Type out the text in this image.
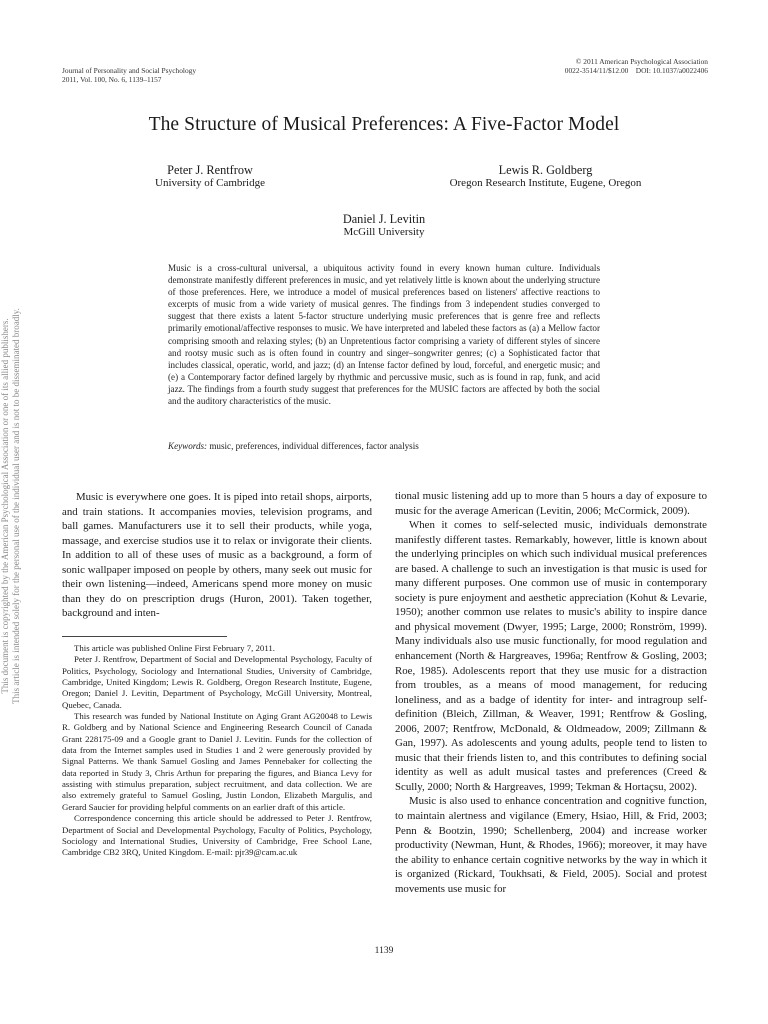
This document is copyrighted by the American Psychological Association or one of its allied publishers. This article is intended solely for the personal use of the individual user and is not to be disseminated broadly.
Journal of Personality and Social Psychology
2011, Vol. 100, No. 6, 1139–1157
© 2011 American Psychological Association
0022-3514/11/$12.00    DOI: 10.1037/a0022406
The Structure of Musical Preferences: A Five-Factor Model
Peter J. Rentfrow
University of Cambridge
Lewis R. Goldberg
Oregon Research Institute, Eugene, Oregon
Daniel J. Levitin
McGill University
Music is a cross-cultural universal, a ubiquitous activity found in every known human culture. Individuals demonstrate manifestly different preferences in music, and yet relatively little is known about the underlying structure of those preferences. Here, we introduce a model of musical preferences based on listeners' affective reactions to excerpts of music from a wide variety of musical genres. The findings from 3 independent studies converged to suggest that there exists a latent 5-factor structure underlying music preferences that is genre free and reflects primarily emotional/affective responses to music. We have interpreted and labeled these factors as (a) a Mellow factor comprising smooth and relaxing styles; (b) an Unpretentious factor comprising a variety of different styles of sincere and rootsy music such as is often found in country and singer–songwriter genres; (c) a Sophisticated factor that includes classical, operatic, world, and jazz; (d) an Intense factor defined by loud, forceful, and energetic music; and (e) a Contemporary factor defined largely by rhythmic and percussive music, such as is found in rap, funk, and acid jazz. The findings from a fourth study suggest that preferences for the MUSIC factors are affected by both the social and the auditory characteristics of the music.
Keywords: music, preferences, individual differences, factor analysis

Music is everywhere one goes. It is piped into retail shops, airports, and train stations. It accompanies movies, television programs, and ball games. Manufacturers use it to sell their products, while yoga, massage, and exercise studios use it to relax or invigorate their clients. In addition to all of these uses of music as a background, a form of sonic wallpaper imposed on people by others, many seek out music for their own listening—indeed, Americans spend more money on music than they do on prescription drugs (Huron, 2001). Taken together, background and inten-

This article was published Online First February 7, 2011.

Peter J. Rentfrow, Department of Social and Developmental Psychology, Faculty of Politics, Psychology, Sociology and International Studies, University of Cambridge, Cambridge, United Kingdom; Lewis R. Goldberg, Oregon Research Institute, Eugene, Oregon; Daniel J. Levitin, Department of Psychology, McGill University, Montreal, Quebec, Canada.

This research was funded by National Institute on Aging Grant AG20048 to Lewis R. Goldberg and by National Science and Engineering Research Council of Canada Grant 228175-09 and a Google grant to Daniel J. Levitin. Funds for the collection of data from the Internet samples used in Studies 1 and 2 were generously provided by Signal Patterns. We thank Samuel Gosling and James Pennebaker for collecting the data reported in Study 3, Chris Arthun for preparing the figures, and Bianca Levy for assisting with stimulus preparation, subject recruitment, and data collection. We are also extremely grateful to Samuel Gosling, Justin London, Elizabeth Margulis, and Gerard Saucier for providing helpful comments on an earlier draft of this article.

Correspondence concerning this article should be addressed to Peter J. Rentfrow, Department of Social and Developmental Psychology, Faculty of Politics, Psychology, Sociology and International Studies, University of Cambridge, Free School Lane, Cambridge CB2 3RQ, United Kingdom. E-mail: pjr39@cam.ac.uk

tional music listening add up to more than 5 hours a day of exposure to music for the average American (Levitin, 2006; McCormick, 2009).

When it comes to self-selected music, individuals demonstrate manifestly different tastes. Remarkably, however, little is known about the underlying principles on which such individual musical preferences are based. A challenge to such an investigation is that music is used for many different purposes. One common use of music in contemporary society is pure enjoyment and aesthetic appreciation (Kohut & Levarie, 1950); another common use relates to music's ability to inspire dance and physical movement (Dwyer, 1995; Large, 2000; Ronström, 1999). Many individuals also use music functionally, for mood regulation and enhancement (North & Hargreaves, 1996a; Rentfrow & Gosling, 2003; Roe, 1985). Adolescents report that they use music for a distraction from troubles, as a means of mood management, for reducing loneliness, and as a badge of identity for inter- and intragroup self-definition (Bleich, Zillman, & Weaver, 1991; Rentfrow & Gosling, 2006, 2007; Rentfrow, McDonald, & Oldmeadow, 2009; Zillmann & Gan, 1997). As adolescents and young adults, people tend to listen to music that their friends listen to, and this contributes to defining social identity as well as adult musical tastes and preferences (Creed & Scully, 2000; North & Hargreaves, 1999; Tekman & Hortaçsu, 2002).

Music is also used to enhance concentration and cognitive function, to maintain alertness and vigilance (Emery, Hsiao, Hill, & Frid, 2003; Penn & Bootzin, 1990; Schellenberg, 2004) and increase worker productivity (Newman, Hunt, & Rhodes, 1966); moreover, it may have the ability to enhance certain cognitive networks by the way in which it is organized (Rickard, Toukhsati, & Field, 2005). Social and protest movements use music for

1139
